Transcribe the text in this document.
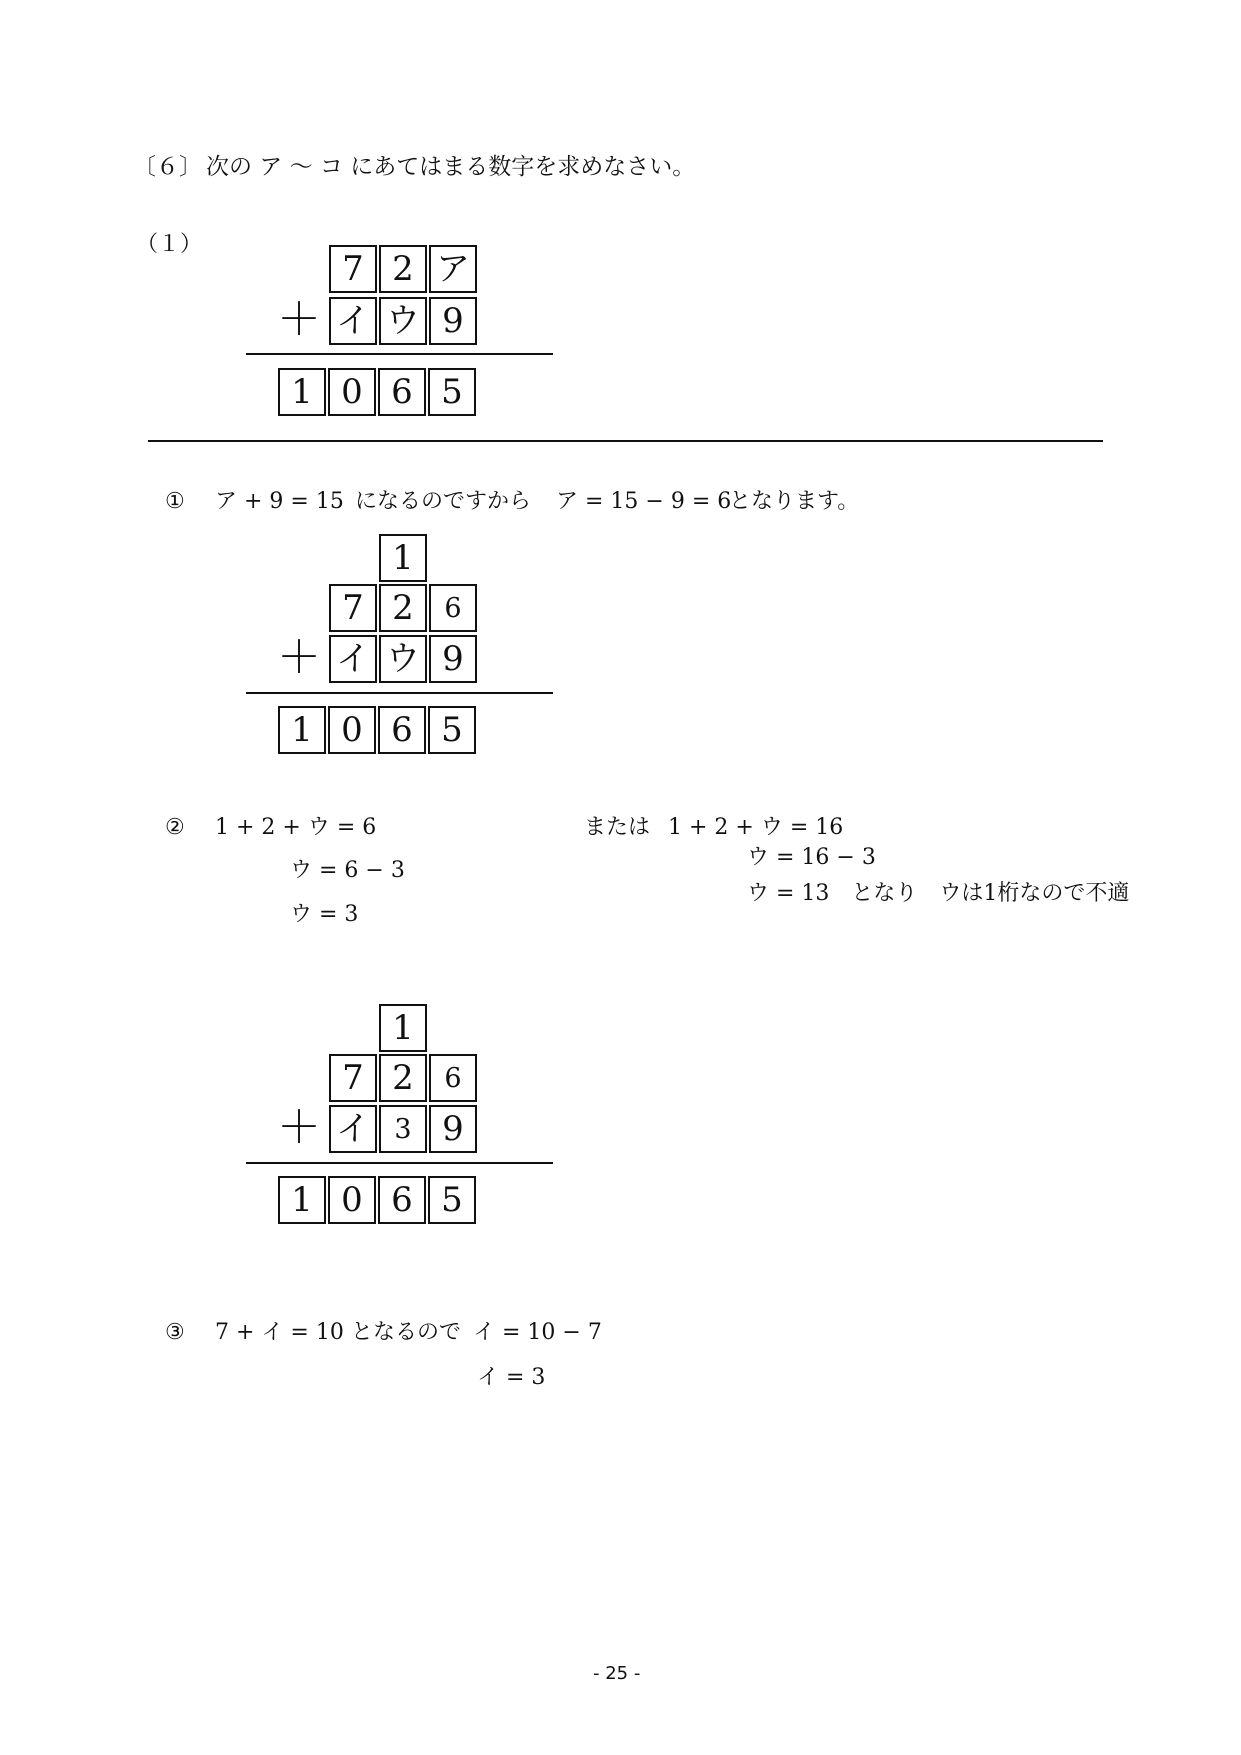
〔６〕 次の ア 〜 コ にあてはまる数字を求めなさい。
（１）
7 2 ア
＋ イ ウ 9
1 0 6 5
① ア + 9 = 15 になるのですから ア = 15 − 9 = 6
となります。
1
7 2	6
＋ イ ウ 9
1 0 6 5
② 1 + 2 + ウ = 6
ウ = 6 − 3
ウ = 3
または 1 + 2 + ウ = 16
ウ = 16 − 3
ウ = 13　となり　ウは1桁なので不適
1
7 2	6
＋ イ 3 9
1 0 6 5
③ 7 + イ = 10 となるので イ = 10 − 7
イ = 3
- 25 -
